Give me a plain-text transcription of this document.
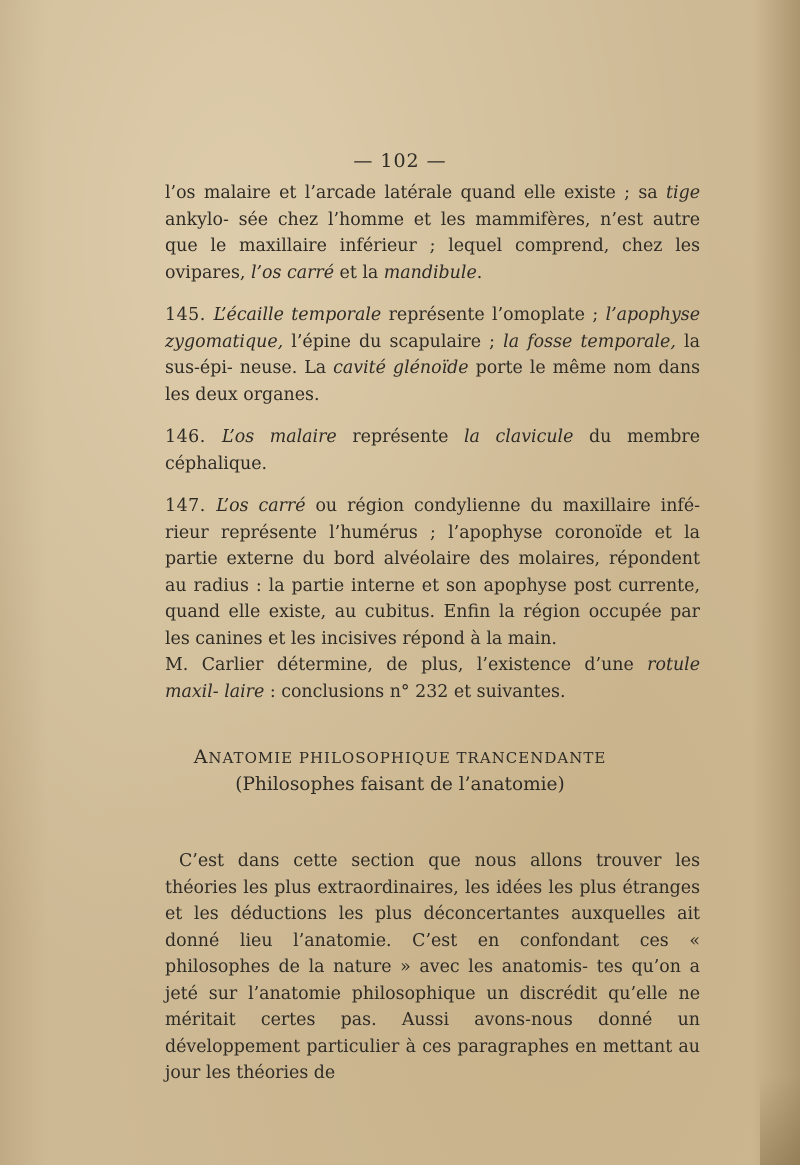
— 102 —

l’os malaire et l’arcade latérale quand elle existe ; sa tige ankylo- sée chez l’homme et les mammifères, n’est autre que le maxillaire inférieur ; lequel comprend, chez les ovipares, l’os carré et la mandibule.

145. L’écaille temporale représente l’omoplate ; l’apophyse zygomatique, l’épine du scapulaire ; la fosse temporale, la sus-épi- neuse. La cavité glénoïde porte le même nom dans les deux organes.

146. L’os malaire représente la clavicule du membre céphalique.

147. L’os carré ou région condylienne du maxillaire infé- rieur représente l’humérus ; l’apophyse coronoïde et la partie externe du bord alvéolaire des molaires, répondent au radius : la partie interne et son apophyse post currente, quand elle existe, au cubitus. Enfin la région occupée par les canines et les incisives répond à la main.

M. Carlier détermine, de plus, l’existence d’une rotule maxil- laire : conclusions n° 232 et suivantes.

ANATOMIE PHILOSOPHIQUE TRANCENDANTE
(Philosophes faisant de l’anatomie)

C’est dans cette section que nous allons trouver les théories les plus extraordinaires, les idées les plus étranges et les déductions les plus déconcertantes auxquelles ait donné lieu l’anatomie. C’est en confondant ces « philosophes de la nature » avec les anatomis- tes qu’on a jeté sur l’anatomie philosophique un discrédit qu’elle ne méritait certes pas. Aussi avons-nous donné un développement particulier à ces paragraphes en mettant au jour les théories de
